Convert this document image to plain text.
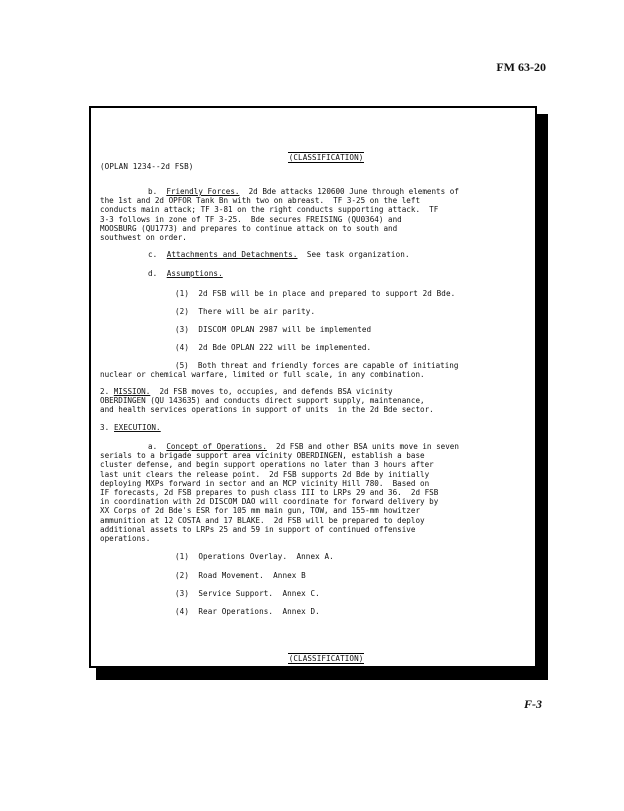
FM 63-20

(CLASSIFICATION)

(OPLAN 1234--2d FSB)
b. Friendly Forces.  2d Bde attacks 120600 June through elements of
the 1st and 2d OPFOR Tank Bn with two on abreast.  TF 3-25 on the left
conducts main attack; TF 3-81 on the right conducts supporting attack.  TF
3-3 follows in zone of TF 3-25.  Bde secures FREISING (QU0364) and
MOOSBURG (QU1773) and prepares to continue attack on to south and
southwest on order.
c. Attachments and Detachments.  See task organization.
d. Assumptions.
(1)  2d FSB will be in place and prepared to support 2d Bde.
(2)  There will be air parity.
(3)  DISCOM OPLAN 2987 will be implemented
(4)  2d Bde OPLAN 222 will be implemented.
(5)  Both threat and friendly forces are capable of initiating
nuclear or chemical warfare, limited or full scale, in any combination.
2. MISSION.  2d FSB moves to, occupies, and defends BSA vicinity
OBERDINGEN (QU 143635) and conducts direct support supply, maintenance,
and health services operations in support of units  in the 2d Bde sector.
3. EXECUTION.
a. Concept of Operations.  2d FSB and other BSA units move in seven
serials to a brigade support area vicinity OBERDINGEN, establish a base
cluster defense, and begin support operations no later than 3 hours after
last unit clears the release point.  2d FSB supports 2d Bde by initially
deploying MXPs forward in sector and an MCP vicinity Hill 780.  Based on
IF forecasts, 2d FSB prepares to push class III to LRPs 29 and 36.  2d FSB
in coordination with 2d DISCOM DAO will coordinate for forward delivery by
XX Corps of 2d Bde's ESR for 105 mm main gun, TOW, and 155-mm howitzer
ammunition at 12 COSTA and 17 BLAKE.  2d FSB will be prepared to deploy
additional assets to LRPs 25 and 59 in support of continued offensive
operations.
(1)  Operations Overlay.  Annex A.
(2)  Road Movement.  Annex B
(3)  Service Support.  Annex C.
(4)  Rear Operations.  Annex D.

(CLASSIFICATION)

F-3
